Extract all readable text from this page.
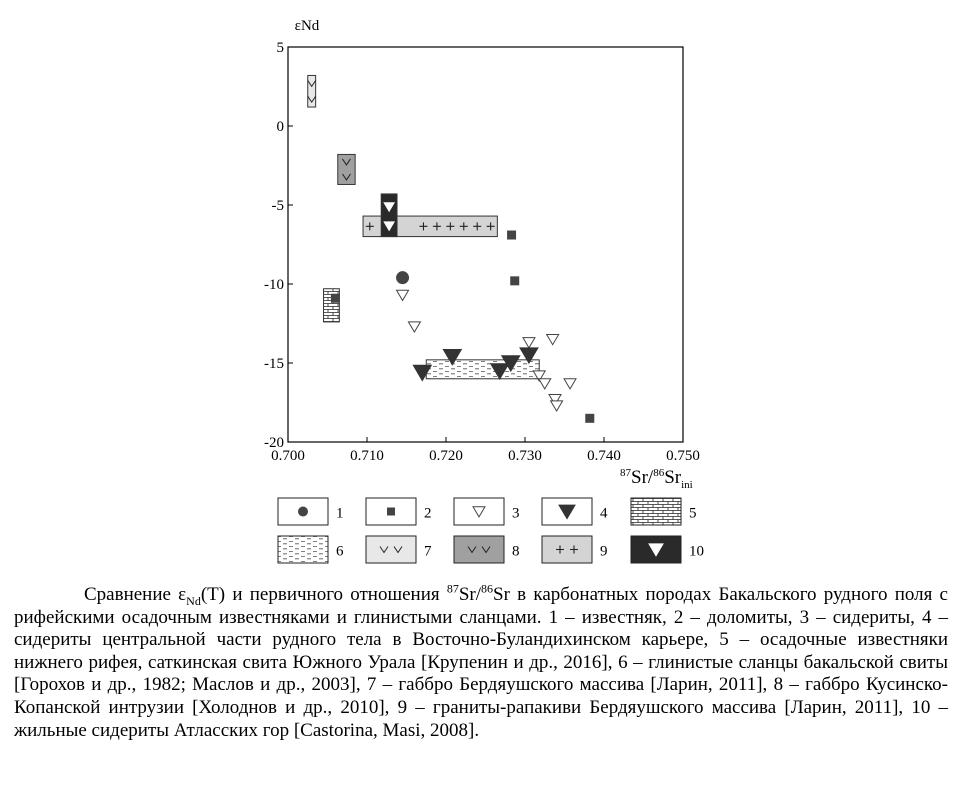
0.700	0.710	0.720	0.730	0.740	0.750
5
0
-5
-10
-15
-20
εNd
$^{87}Sr/^{86}Sr_{ini}$
1	2	3	4	5
6	7	8	9	10

Сравнение $\varepsilon_{Nd}(T)$ и первичного отношения $^{87}$Sr/$^{86}$Sr в карбонатных породах Бакальского рудного поля с рифейскими осадочным известняками и глинистыми сланцами. 1 – известняк, 2 – доломиты, 3 – сидериты, 4 – сидериты центральной части рудного тела в Восточно-Буландихинском карьере, 5 – осадочные известняки нижнего рифея, саткинская свита Южного Урала [Крупенин и др., 2016], 6 – глинистые сланцы бакальской свиты [Горохов и др., 1982; Маслов и др., 2003], 7 – габбро Бердяушского массива [Ларин, 2011], 8 – габбро Кусинско-Копанской интрузии [Холоднов и др., 2010], 9 – граниты-рапакиви Бердяушского массива [Ларин, 2011], 10 – жильные сидериты Атласских гор [Castorina, Masi, 2008].
